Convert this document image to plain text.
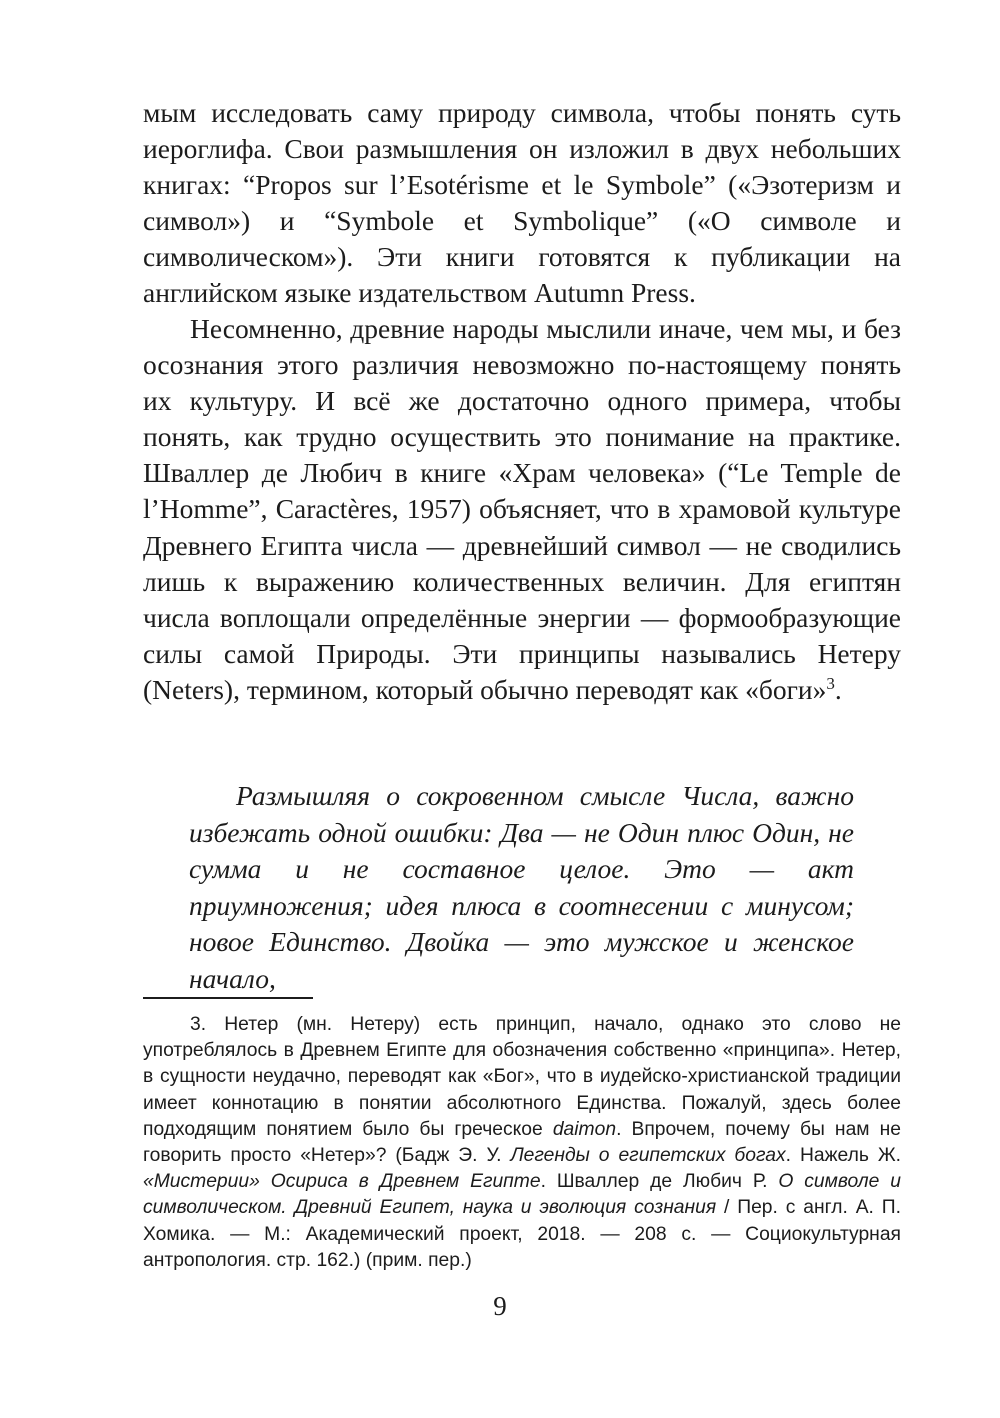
мым исследовать саму природу символа, чтобы понять суть иероглифа. Свои размышления он изложил в двух небольших книгах: “Propos sur l’Esotérisme et le Symbole” («Эзотеризм и символ») и “Symbole et Symbolique” («О символе и символическом»). Эти книги готовятся к публикации на английском языке издательством Autumn Press.

Несомненно, древние народы мыслили иначе, чем мы, и без осознания этого различия невозможно по-настоящему понять их культуру. И всё же достаточно одного примера, чтобы понять, как трудно осуществить это понимание на практике. Шваллер де Любич в книге «Храм человека» (“Le Temple de l’Homme”, Caractères, 1957) объясняет, что в храмовой культуре Древнего Египта числа — древнейший символ — не сводились лишь к выражению количественных величин. Для египтян числа воплощали определённые энергии — формообразующие силы самой Природы. Эти принципы назывались Нетеру (Neters), термином, который обычно переводят как «боги»$^3$.

Размышляя о сокровенном смысле Числа, важно избежать одной ошибки: Два — не Один плюс Один, не сумма и не составное целое. Это — акт приумножения; идея плюса в соотнесении с минусом; новое Единство. Двойка — это мужское и женское начало,

3. Нетер (мн. Нетеру) есть принцип, начало, однако это слово не употреблялось в Древнем Египте для обозначения собственно «принципа». Нетер, в сущности неудачно, переводят как «Бог», что в иудейско-христианской традиции имеет коннотацию в понятии абсолютного Единства. Пожалуй, здесь более подходящим понятием было бы греческое daimon. Впрочем, почему бы нам не говорить просто «Нетер»? (Бадж Э. У. Легенды о египетских богах. Нажель Ж. «Мистерии» Осириса в Древнем Египте. Шваллер де Любич Р. О символе и символическом. Древний Египет, наука и эволюция сознания / Пер. с англ. А. П. Хомика. — М.: Академический проект, 2018. — 208 с. — Социокультурная антропология. стр. 162.) (прим. пер.)

9
